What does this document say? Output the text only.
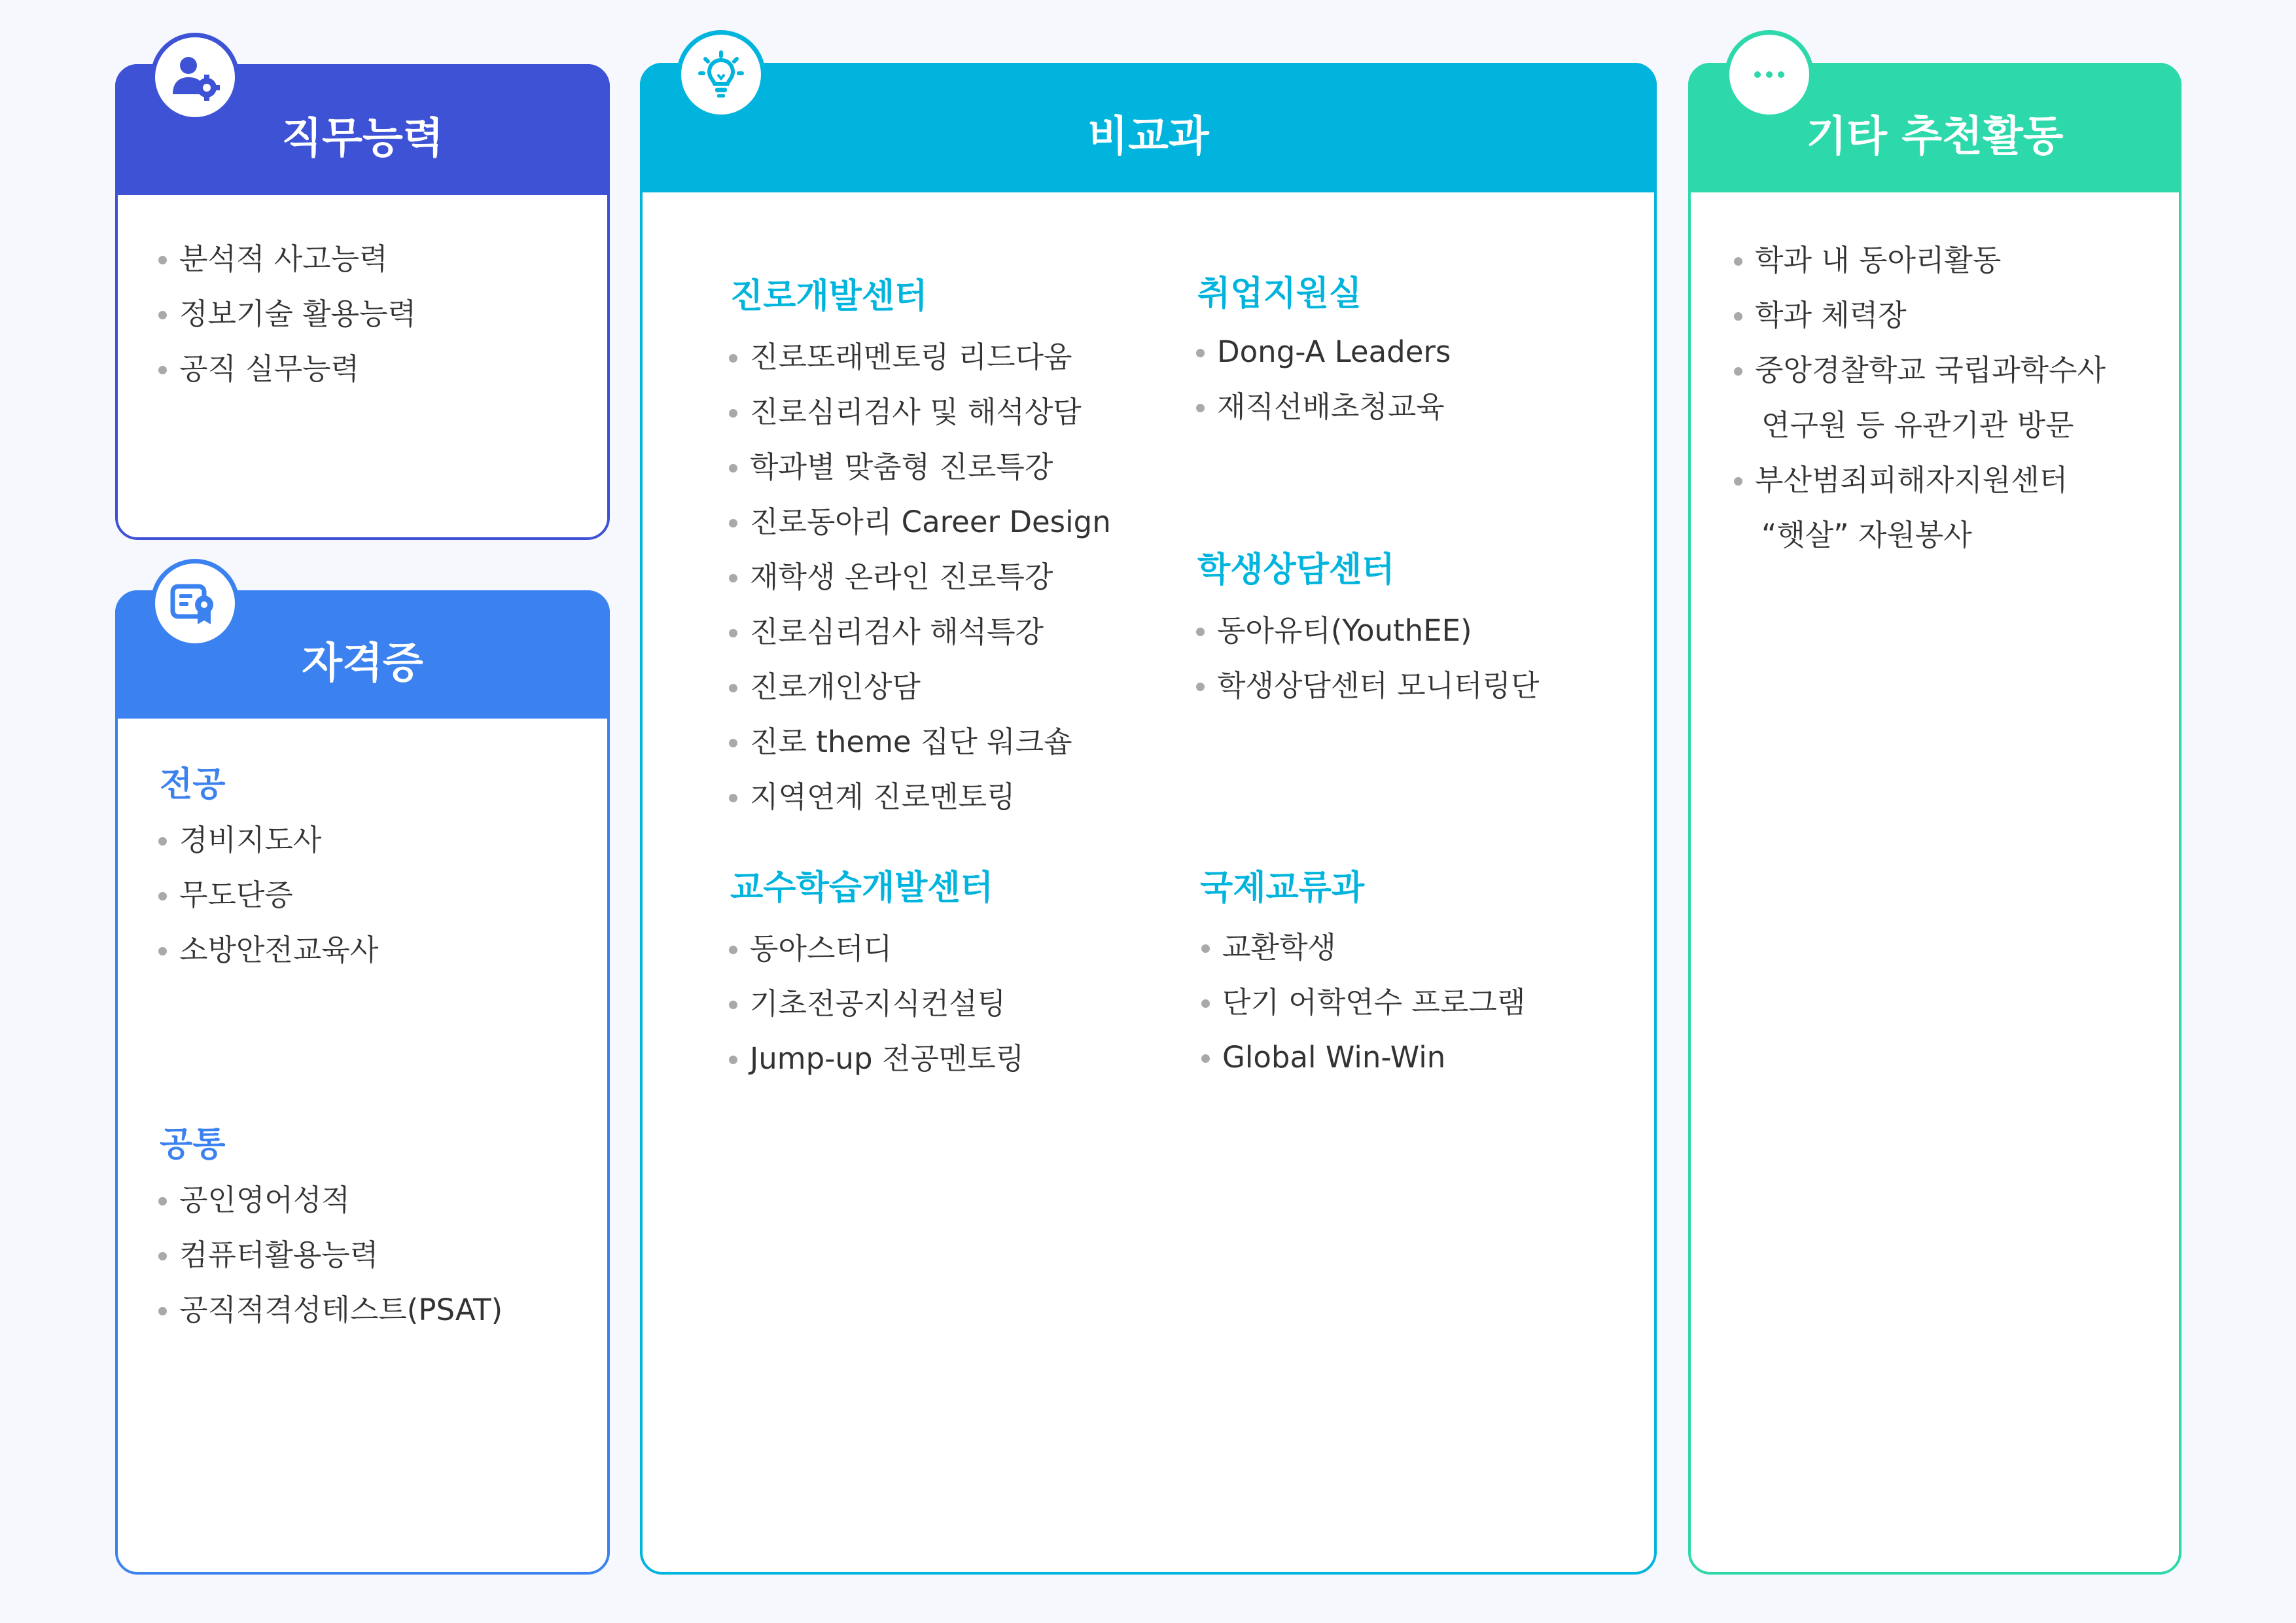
직무능력
분석적 사고능력
정보기술 활용능력
공직 실무능력
자격증
전공
경비지도사
무도단증
소방안전교육사
공통
공인영어성적
컴퓨터활용능력
공직적격성테스트(PSAT)
비교과
진로개발센터
진로또래멘토링 리드다움
진로심리검사 및 해석상담
학과별 맞춤형 진로특강
진로동아리 Career Design
재학생 온라인 진로특강
진로심리검사 해석특강
진로개인상담
진로 theme 집단 워크숍
지역연계 진로멘토링
교수학습개발센터
동아스터디
기초전공지식컨설팅
Jump-up 전공멘토링
취업지원실
Dong-A Leaders
재직선배초청교육
학생상담센터
동아유티(YouthEE)
학생상담센터 모니터링단
국제교류과
교환학생
단기 어학연수 프로그램
Global Win-Win
기타 추천활동
학과 내 동아리활동
학과 체력장
중앙경찰학교 국립과학수사
연구원 등 유관기관 방문
부산범죄피해자지원센터
“햇살” 자원봉사
